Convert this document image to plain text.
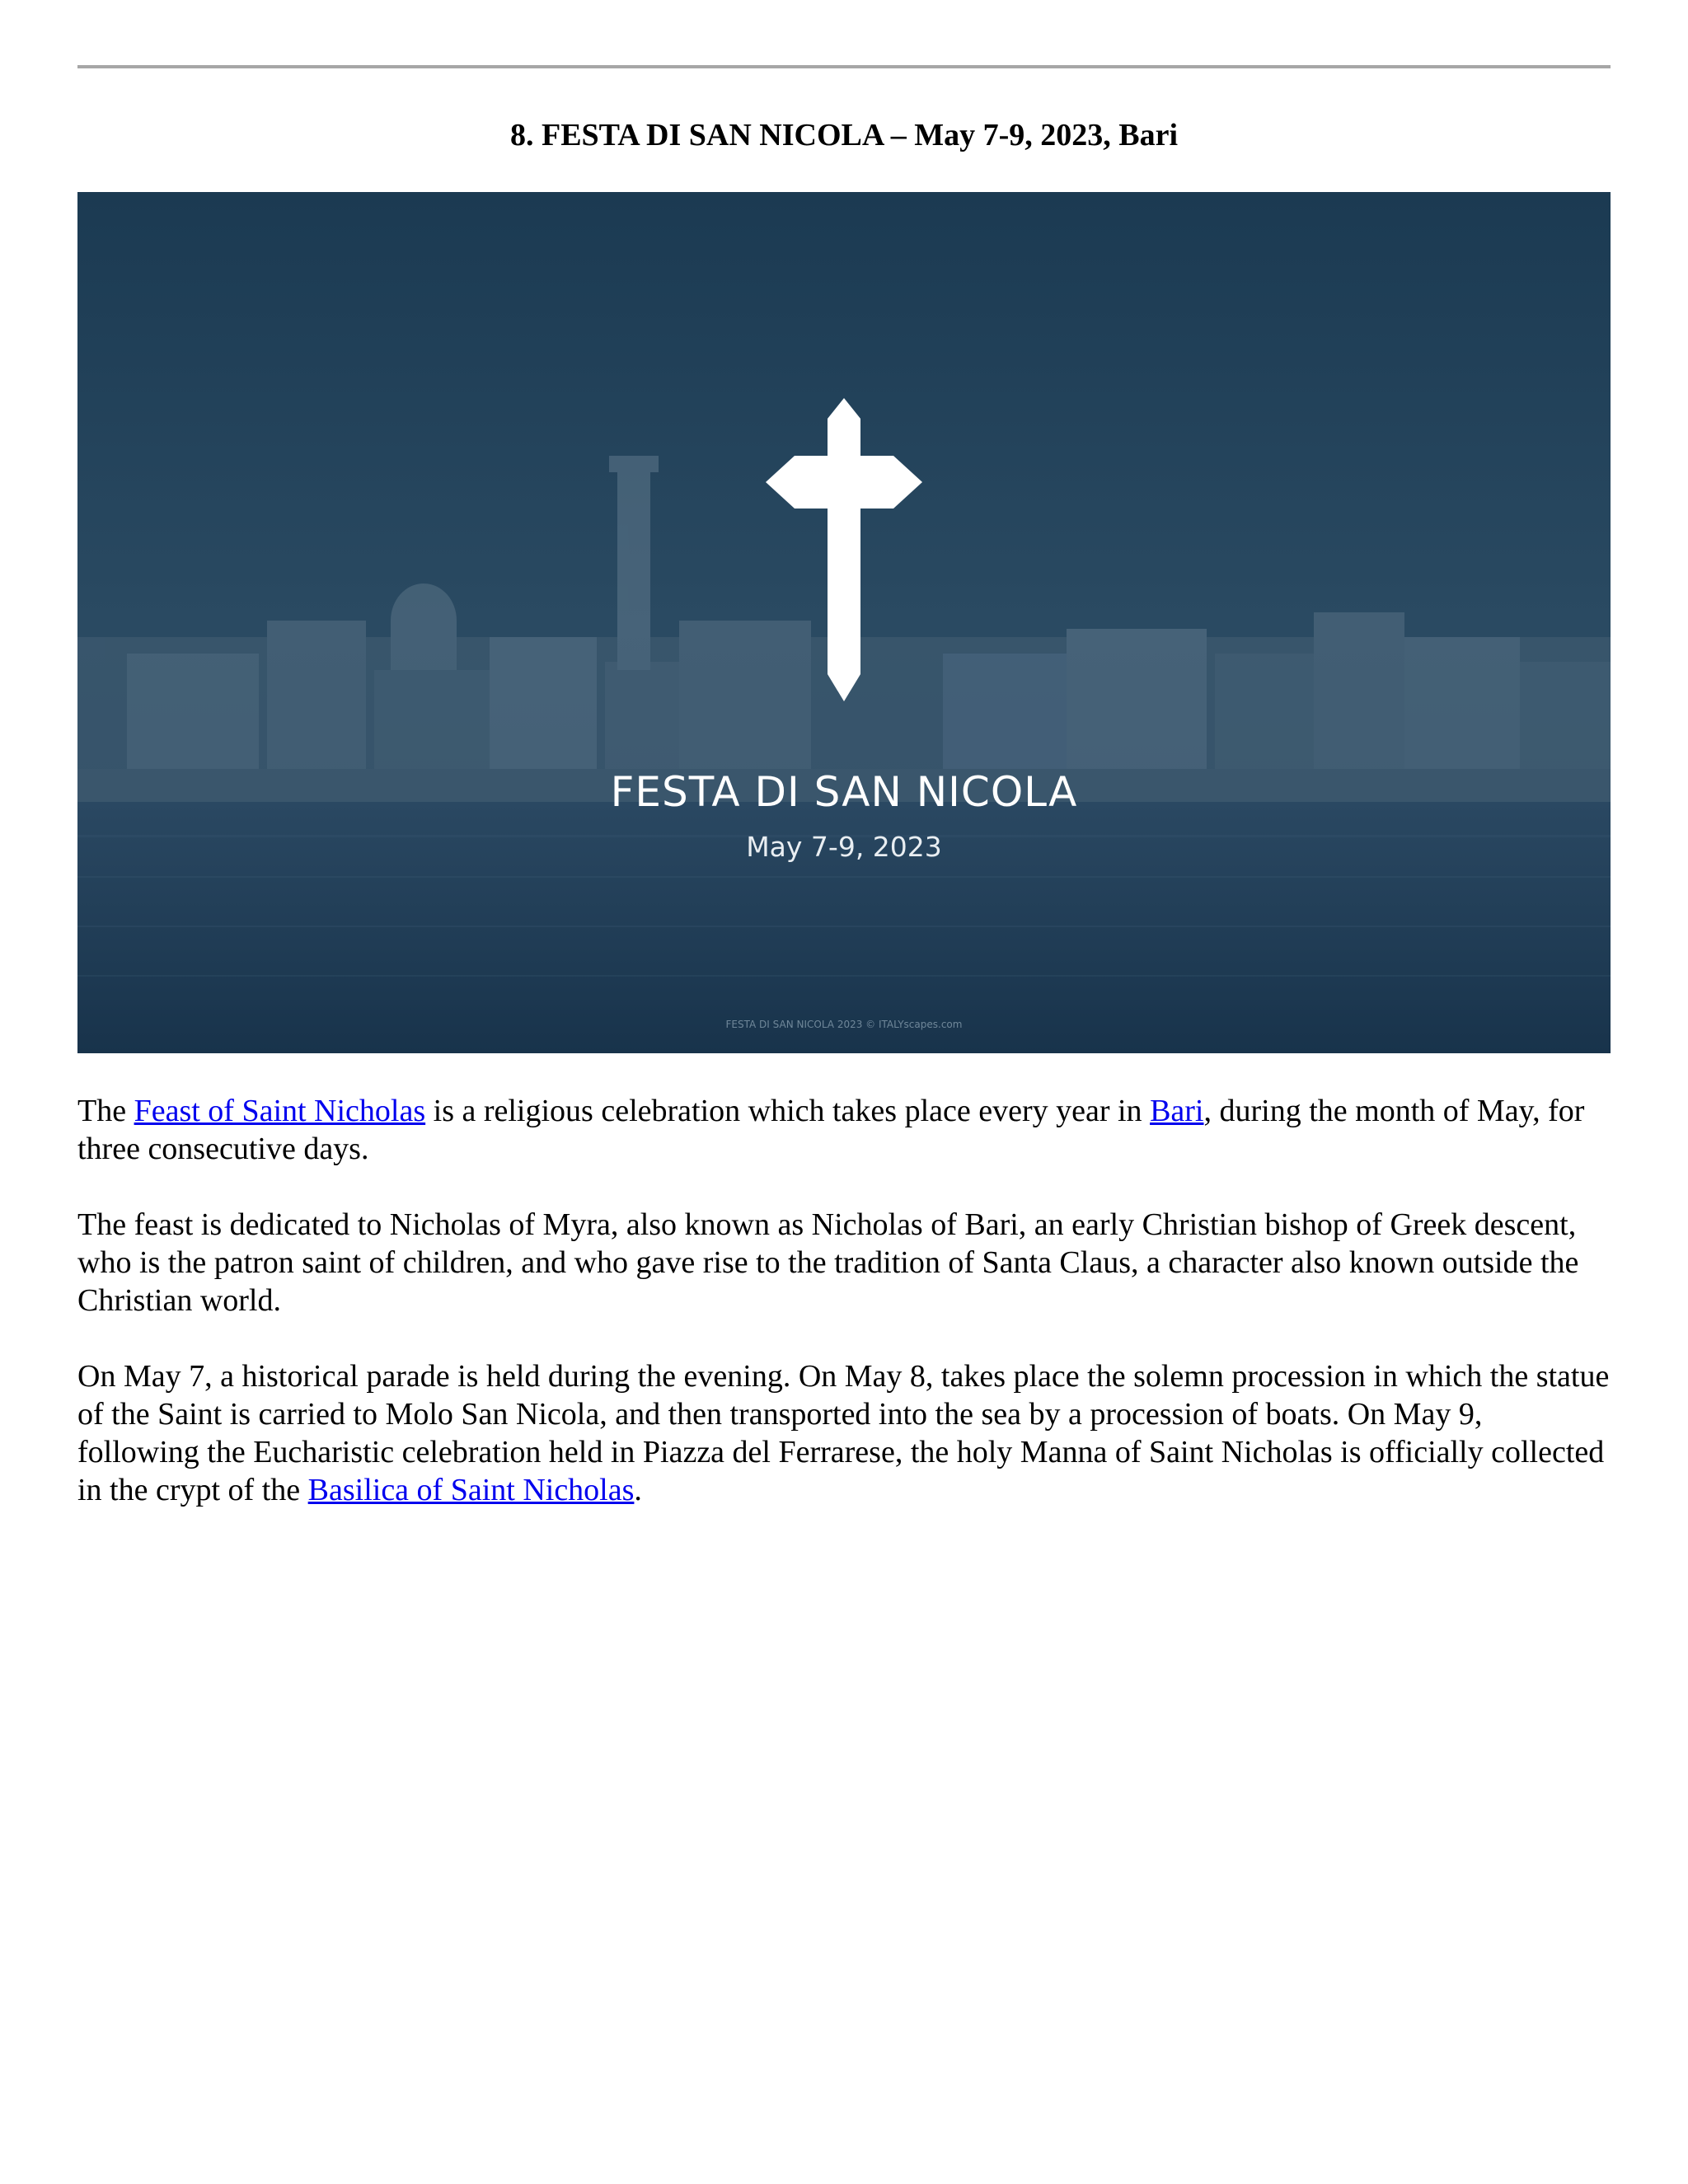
8. FESTA DI SAN NICOLA – May 7-9, 2023, Bari
FESTA DI SAN NICOLA
May 7-9, 2023
FESTA DI SAN NICOLA 2023 © ITALYscapes.com

The Feast of Saint Nicholas is a religious celebration which takes place every year in Bari, during the month of May, for three consecutive days.

The feast is dedicated to Nicholas of Myra, also known as Nicholas of Bari, an early Christian bishop of Greek descent, who is the patron saint of children, and who gave rise to the tradition of Santa Claus, a character also known outside the Christian world.

On May 7, a historical parade is held during the evening. On May 8, takes place the solemn procession in which the statue of the Saint is carried to Molo San Nicola, and then transported into the sea by a procession of boats. On May 9, following the Eucharistic celebration held in Piazza del Ferrarese, the holy Manna of Saint Nicholas is officially collected in the crypt of the Basilica of Saint Nicholas.
